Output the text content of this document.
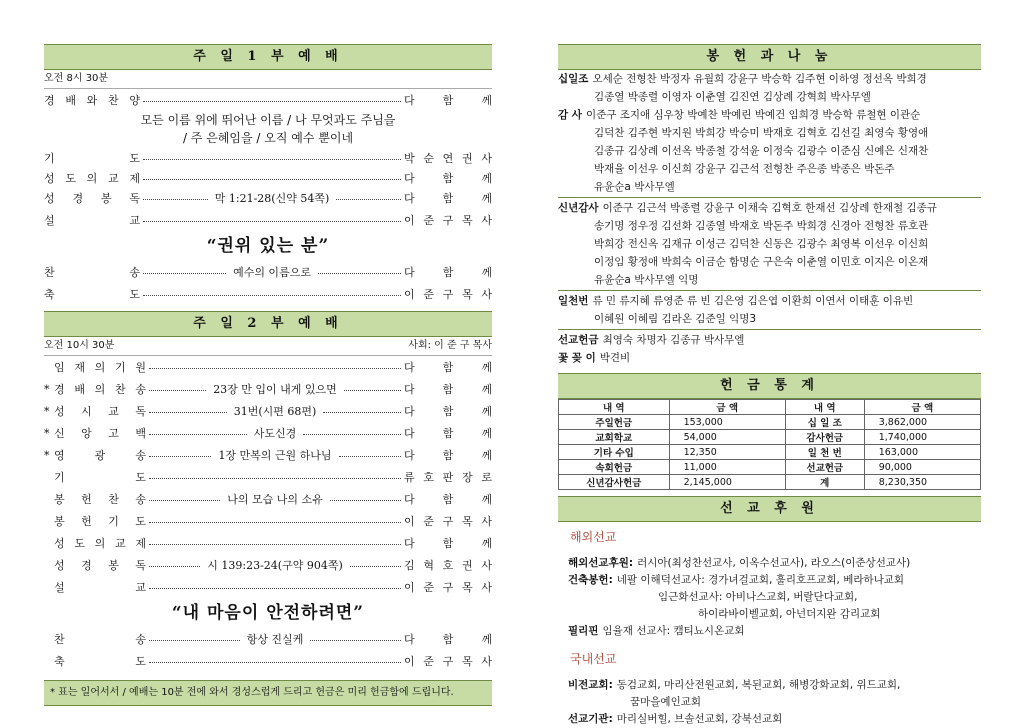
주 일 1 부 예 배
오전 8시 30분
경 배 와 찬 양	다	함	께
모든 이름 위에 뛰어난 이름 / 나 무엇과도 주님을
/ 주 은혜임을 / 오직 예수 뿐이네
기	도	박 순 연 권 사
성 도 의 교 제	다	함	께
성 경 봉 독	막 1:21-28(신약 54쪽)	다	함	께
설	교	이 준 구 목 사
“권위 있는 분”
찬	송	예수의 이름으로	다	함	께
축	도	이 준 구 목 사
주 일 2 부 예 배
오전 10시 30분	사회: 이 준 구 목사
임 재 의 기 원	다	함	께
* 경 배 의 찬 송	23장 만 입이 내게 있으면	다	함	께
* 성 시 교 독	31번(시편 68편)	다	함	께
* 신 앙 고 백	사도신경	다	함	께
* 영	광	송	1장 만복의 근원 하나님	다	함	께
기	도	류 호 판 장 로
봉 헌 찬 송	나의 모습 나의 소유	다	함	께
봉 헌 기 도	이 준 구 목 사
성 도 의 교 제	다	함	께
성 경 봉 독	시 139:23-24(구약 904쪽)	김 혁 호 권 사
설	교	이 준 구 목 사
“내 마음이 안전하려면”
찬	송	항상 진실케	다	함	께
축	도	이 준 구 목 사
* 표는 일어서서 / 예배는 10분 전에 와서 경성스럽게 드리고 헌금은 미리 헌금함에 드립니다.
봉 헌 과 나 눔
십일조 오세순 전형찬 박정자 유월희 강윤구 박승학 김주현 이하영 정선옥 박희경
김종열 박종렬 이영자 이춘열 김진연 김상례 강혁희 박사무엘
감 사 이준구 조지애 심우창 박예찬 박예린 박예건 임희경 박승학 류철현 이관순
김덕찬 김주현 박지원 박희강 박승미 박재호 김혁호 김선길 최영숙 황영애
김종규 김상례 이선옥 박종철 강석윤 이정숙 김광수 이준심 신예은 신재찬
박재율 이선우 이신희 강윤구 김근석 전형찬 주은종 박종은 박돈주
유윤순a 박사무엘
신년감사 이준구 김근석 박종렬 강윤구 이채숙 김혁호 한재선 김상례 한재철 김종규
송기명 정우정 김선화 김종열 박재호 박돈주 박희경 신경아 전형찬 류호관
박희강 전신옥 김재규 이성근 김덕찬 신동은 김광수 최영복 이선우 이신희
이정임 황정애 박희숙 이금순 함명순 구은숙 이춘열 이민호 이지은 이온재
유윤순a 박사무엘 익명
일천번 류 민 류지혜 류영준 류 빈 김은영 김은엽 이환희 이연서 이태훈 이유빈
이혜원 이혜림 김라온 김준일 익명3
선교헌금 최영숙 차명자 김종규 박사무엘
꽃 꽂 이 박견비
헌 금 통 계
내 역	금 액	내 역	금 액
주일헌금	153,000	십 일 조	3,862,000
교회학교	54,000	감사헌금	1,740,000
기타 수입	12,350	일 천 번	163,000
속회헌금	11,000	선교헌금	90,000
신년감사헌금	2,145,000	계	8,230,350
선 교 후 원
해외선교
해외선교후원: 러시아(최성찬선교사, 이옥수선교사), 라오스(이준상선교사)
건축봉헌: 네팔 이해덕선교사: 경가녀걸교회, 훌리호프교회, 베라하나교회
임근화선교사: 아비나스교회, 버랄단다교회,
하이라바이벨교회, 아넌더지완 감리교회
필리핀 임율재 선교사: 캠티뇨시온교회
국내선교
비전교회: 동검교회, 마리산전원교회, 복된교회, 해병강화교회, 위드교회,
꿈마을예인교회
선교기관: 마리실버힐, 브솔선교회, 강북선교회
